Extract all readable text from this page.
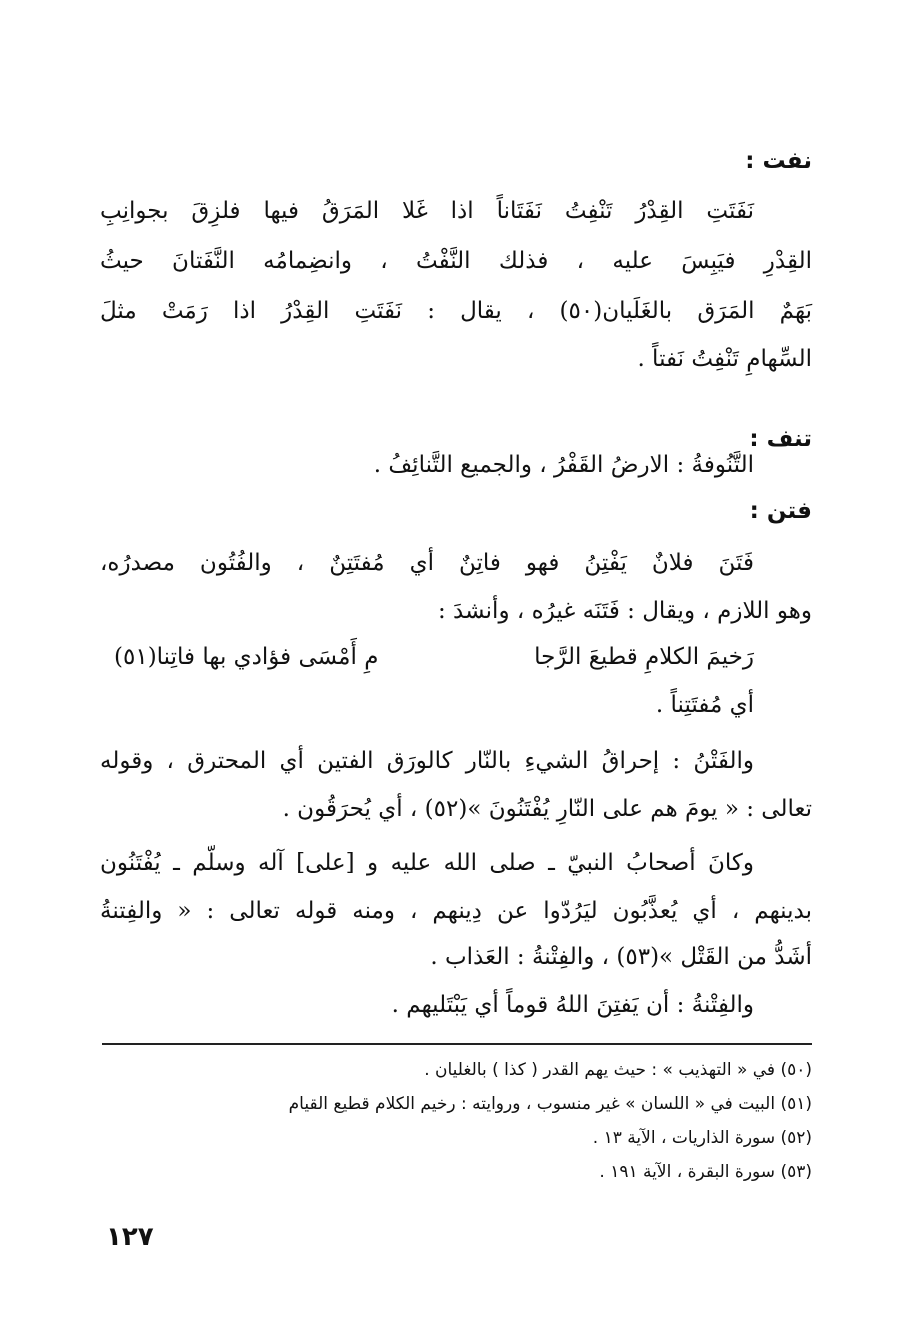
نفت :
نَفَتَتِ القِدْرُ تَنْفِتُ نَفَتَاناً اذا غَلا المَرَقُ فيها فلزِقَ بجوانِبِ
القِدْرِ فيَبِسَ عليه ، فذلك النَّفْتُ ، وانضِمامُه النَّفَتانَ حيثُ
بَهَمٌ المَرَق بالغَلَيان(٥٠) ، يقال : نَفَتَتِ القِدْرُ اذا رَمَتْ مثلَ
السِّهامِ تَنْفِتُ نَفتاً .
تنف :
التَّنُوفةُ : الارضُ القَفْرُ ، والجميع التَّنائِفُ .
فتن :
فَتَنَ فلانٌ يَفْتِنُ فهو فاتِنٌ أي مُفتَتِنٌ ، والفُتُون مصدرُه،
وهو اللازم ، ويقال : فَتَنَه غيرُه ، وأنشدَ :
رَخيمَ الكلامِ قطيعَ الرَّجا
مِ أَمْسَى فؤادي بها فاتِنا(٥١)
أي مُفتَتِناً .
والفَتْنُ : إحراقُ الشيءِ بالنّار كالورَق الفتين أي المحترق ، وقوله
تعالى : « يومَ هم على النّارِ يُفْتَنُونَ »(٥٢) ، أي يُحرَقُون .
وكانَ أصحابُ النبيّ ـ صلى الله عليه و [على] آله وسلّم ـ يُفْتَنُون
بدينهم ، أي يُعذَّبُون ليَرُدّوا عن دِينهم ، ومنه قوله تعالى : « والفِتنةُ
أشَدُّ من القَتْل »(٥٣) ، والفِتْنةُ : العَذاب .
والفِتْنةُ : أن يَفتِنَ اللهُ قوماً أي يَبْتَليهم .
(٥٠) في « التهذيب » : حيث يهم القدر ( كذا ) بالغليان .
(٥١) البيت في « اللسان » غير منسوب ، وروايته : رخيم الكلام قطيع القيام
(٥٢) سورة الذاريات ، الآية ١٣ .
(٥٣) سورة البقرة ، الآية ١٩١ .
١٢٧
